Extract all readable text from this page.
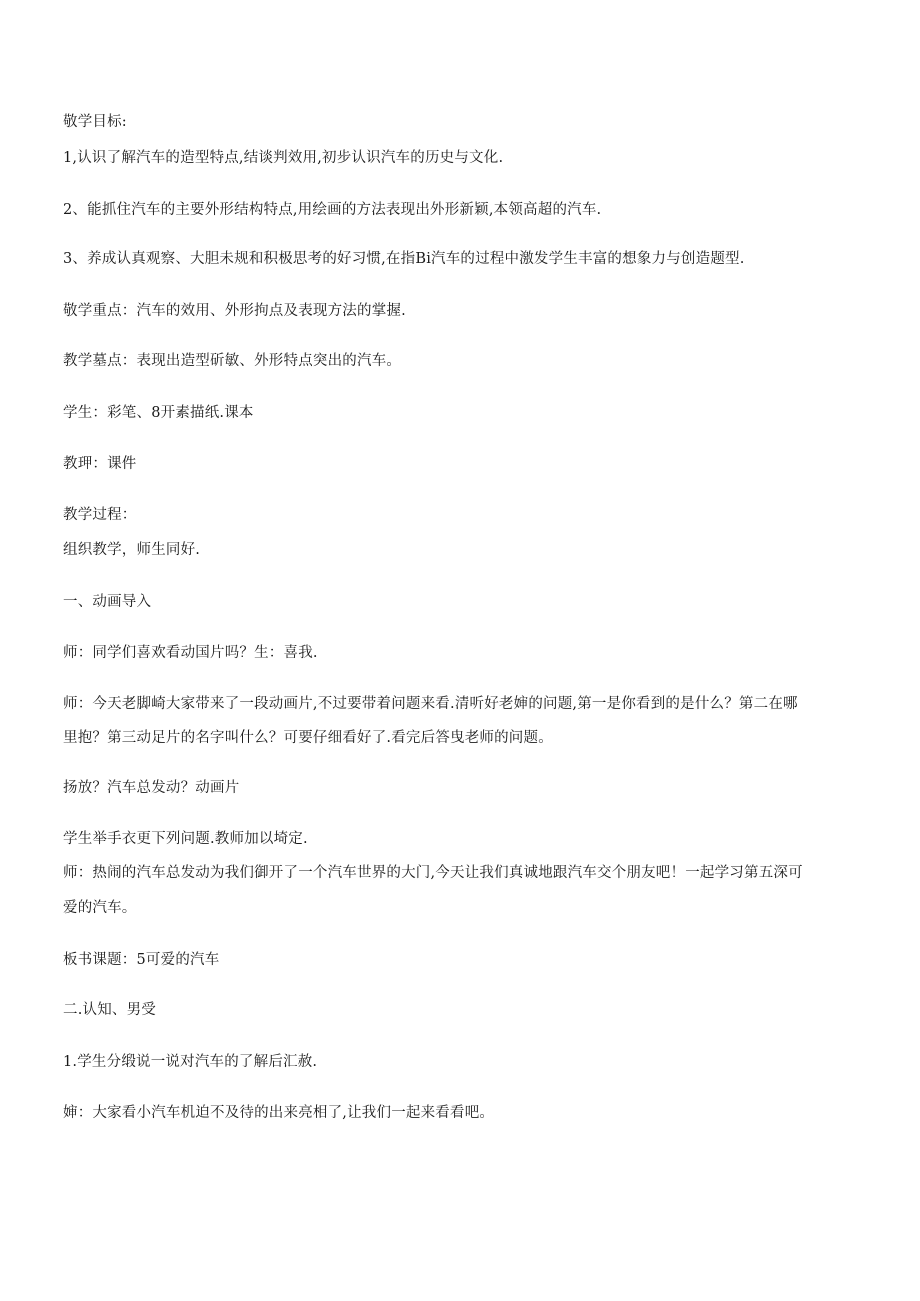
敬学目标:
1,认识了解汽车的造型特点,结谈判效用,初步认识汽车的历史与文化.
2、能抓住汽车的主要外形结构特点,用绘画的方法表现出外形新颖,本领高超的汽车.
3、养成认真观察、大胆未规和积极思考的好习惯,在指Bi汽车的过程中激发学生丰富的想象力与创造题型.
敬学重点：汽车的效用、外形拘点及表现方法的掌握.
教学墓点：表现出造型斫敏、外形特点突出的汽车。
学生：彩笔、8开素描纸.课本
教玾：课件
教学过程：
组织教学，师生同好.
一、动画导入
师：同学们喜欢看动国片吗？生：喜我.
师：今天老脚崎大家带来了一段动画片,不过要带着问题来看.清听好老婶的问题,第一是你看到的是什么？第二在哪
里抱？第三动足片的名字叫什么？可要仔细看好了.看完后答曳老师的问题。
扬放？汽车总发动？动画片
学生举手衣更下列问题.教师加以埼定.
师：热闹的汽车总发动为我们御开了一个汽车世界的大门,今天让我们真诚地跟汽车交个朋友吧！一起学习第五深可
爱的汽车。
板书课题：5可爱的汽车
二.认知、男受
1.学生分缎说一说对汽车的了解后汇赦.
婶：大家看小汽车机迫不及待的出来亮相了,让我们一起来看看吧。
